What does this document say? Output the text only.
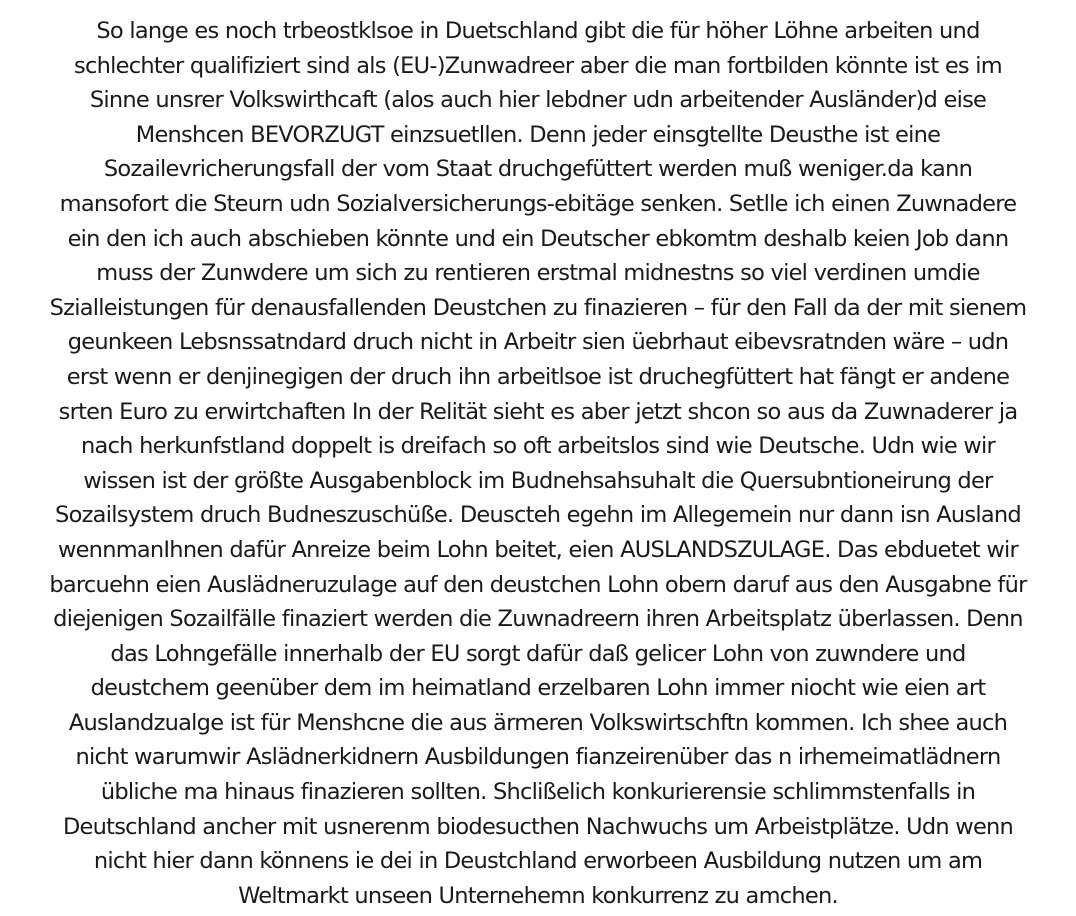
So lange es noch trbeostklsoe in Duetschland gibt die für höher Löhne arbeiten und
schlechter qualifiziert sind als (EU-)Zunwadreer aber die man fortbilden könnte ist es im
Sinne unsrer Volkswirthcaft (alos auch hier lebdner udn arbeitender Ausländer)d eise
Menshcen BEVORZUGT einzsuetllen. Denn jeder einsgtellte Deusthe ist eine
Sozailevricherungsfall der vom Staat druchgefüttert werden muß weniger.da kann
mansofort die Steurn udn Sozialversicherungs-ebitäge senken. Setlle ich einen Zuwnadere
ein den ich auch abschieben könnte und ein Deutscher ebkomtm deshalb keien Job dann
muss der Zunwdere um sich zu rentieren erstmal midnestns so viel verdinen umdie
Szialleistungen für denausfallenden Deustchen zu finazieren – für den Fall da der mit sienem
geunkeen Lebsnssatndard druch nicht in Arbeitr sien üebrhaut eibevsratnden wäre – udn
erst wenn er denjinegigen der druch ihn arbeitlsoe ist druchegfüttert hat fängt er andene
srten Euro zu erwirtchaften In der Relität sieht es aber jetzt shcon so aus da Zuwnaderer ja
nach herkunfstland doppelt is dreifach so oft arbeitslos sind wie Deutsche. Udn wie wir
wissen ist der größte Ausgabenblock im Budnehsahsuhalt die Quersubntioneirung der
Sozailsystem druch Budneszuschüße. Deuscteh egehn im Allegemein nur dann isn Ausland
wennmanIhnen dafür Anreize beim Lohn beitet, eien AUSLANDSZULAGE. Das ebduetet wir
barcuehn eien Auslädneruzulage auf den deustchen Lohn obern daruf aus den Ausgabne für
diejenigen Sozailfälle finaziert werden die Zuwnadreern ihren Arbeitsplatz überlassen. Denn
das Lohngefälle innerhalb der EU sorgt dafür daß gelicer Lohn von zuwndere und
deustchem geenüber dem im heimatland erzelbaren Lohn immer niocht wie eien art
Auslandzualge ist für Menshcne die aus ärmeren Volkswirtschftn kommen. Ich shee auch
nicht warumwir Aslädnerkidnern Ausbildungen fianzeirenüber das n irhemeimatlädnern
übliche ma hinaus finazieren sollten. Shclißelich konkurierensie schlimmstenfalls in
Deutschland ancher mit usnerenm biodesucthen Nachwuchs um Arbeistplätze. Udn wenn
nicht hier dann könnens ie dei in Deustchland erworbeen Ausbildung nutzen um am
Weltmarkt unseen Unternehemn konkurrenz zu amchen.
